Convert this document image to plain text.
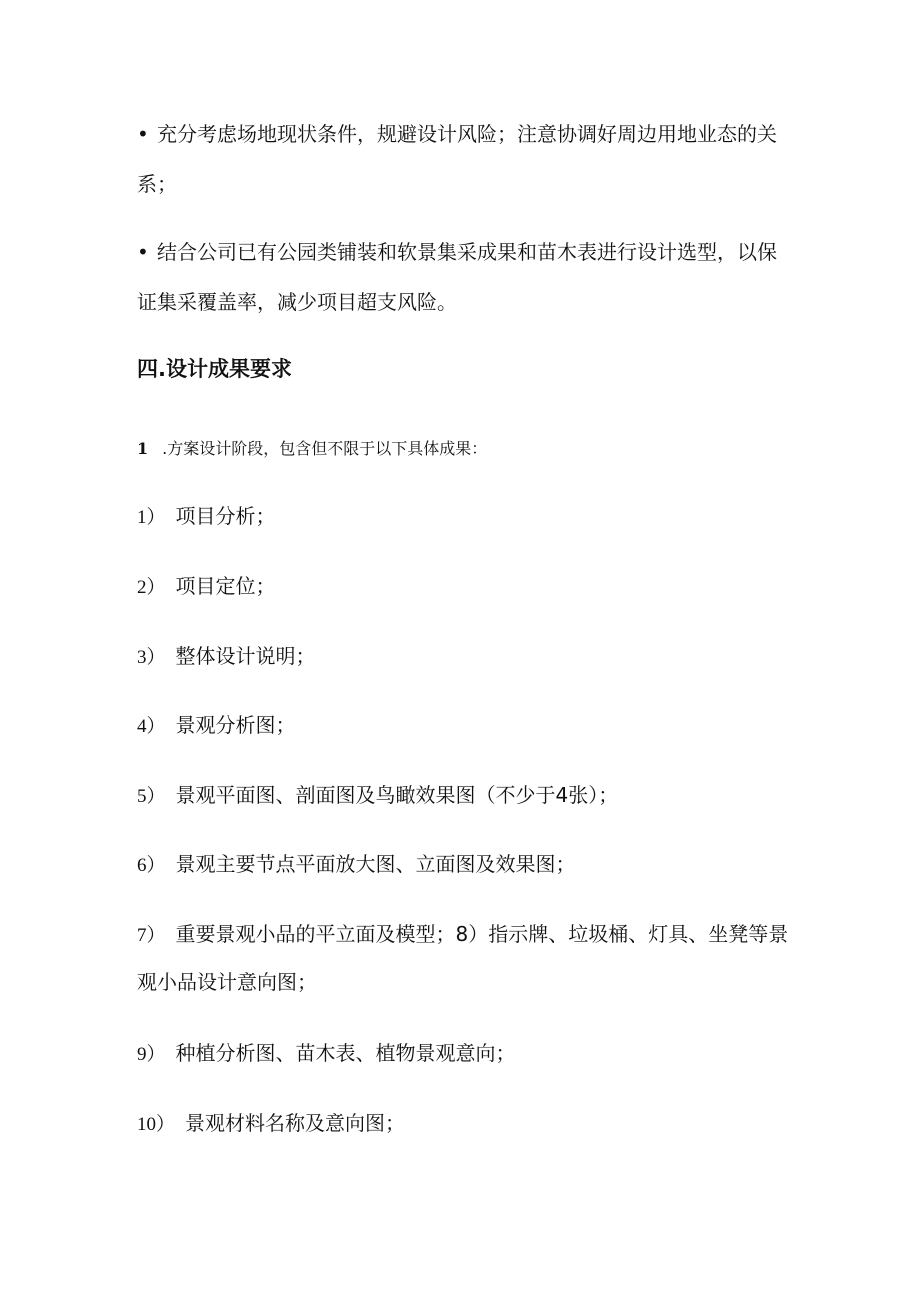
• 充分考虑场地现状条件，规避设计风险；注意协调好周边用地业态的关
系；
• 结合公司已有公园类铺装和软景集采成果和苗木表进行设计选型，以保
证集采覆盖率，减少项目超支风险。
四.设计成果要求
1 .方案设计阶段，包含但不限于以下具体成果：
1） 项目分析；
2） 项目定位；
3） 整体设计说明；
4） 景观分析图；
5） 景观平面图、剖面图及鸟瞰效果图（不少于4张）；
6） 景观主要节点平面放大图、立面图及效果图；
7） 重要景观小品的平立面及模型；8）指示牌、垃圾桶、灯具、坐凳等景
观小品设计意向图；
9） 种植分析图、苗木表、植物景观意向；
10） 景观材料名称及意向图；
